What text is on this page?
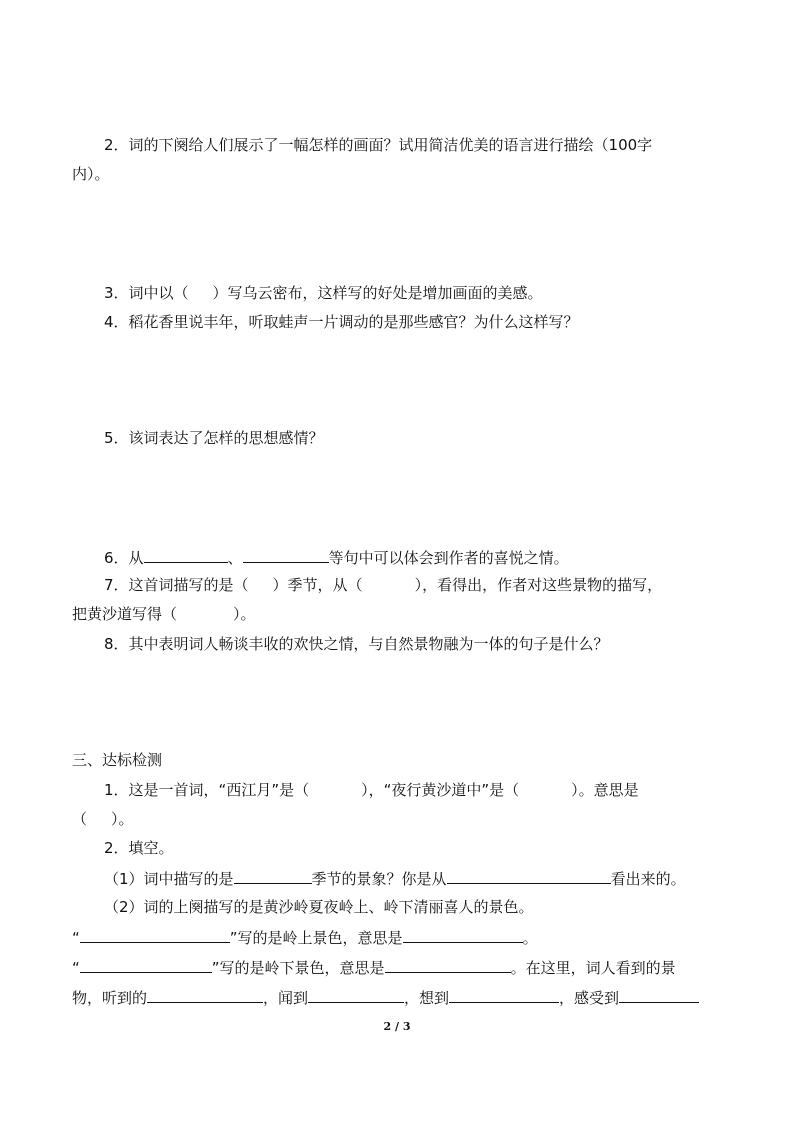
2．词的下阕给人们展示了一幅怎样的画面？试用简洁优美的语言进行描绘（100字
内）。
3．词中以（ ）写乌云密布，这样写的好处是增加画面的美感。
4．稻花香里说丰年，听取蛙声一片调动的是那些感官？为什么这样写？
5．该词表达了怎样的思想感情？
6．从	、	等句中可以体会到作者的喜悦之情。
7．这首词描写的是（ ）季节，从（	），看得出，作者对这些景物的描写，
把黄沙道写得（	）。
8．其中表明词人畅谈丰收的欢快之情，与自然景物融为一体的句子是什么？
三、达标检测
1．这是一首词，“西江月”是（	），“夜行黄沙道中”是（	）。意思是
（ ）。
2．填空。
（1）词中描写的是	季节的景象？你是从	看出来的。
（2）词的上阕描写的是黄沙岭夏夜岭上、岭下清丽喜人的景色。
“	”写的是岭上景色，意思是	。
“	”写的是岭下景色，意思是	。在这里，词人看到的景
物，听到的	，闻到	，想到	，感受到
2 / 3
